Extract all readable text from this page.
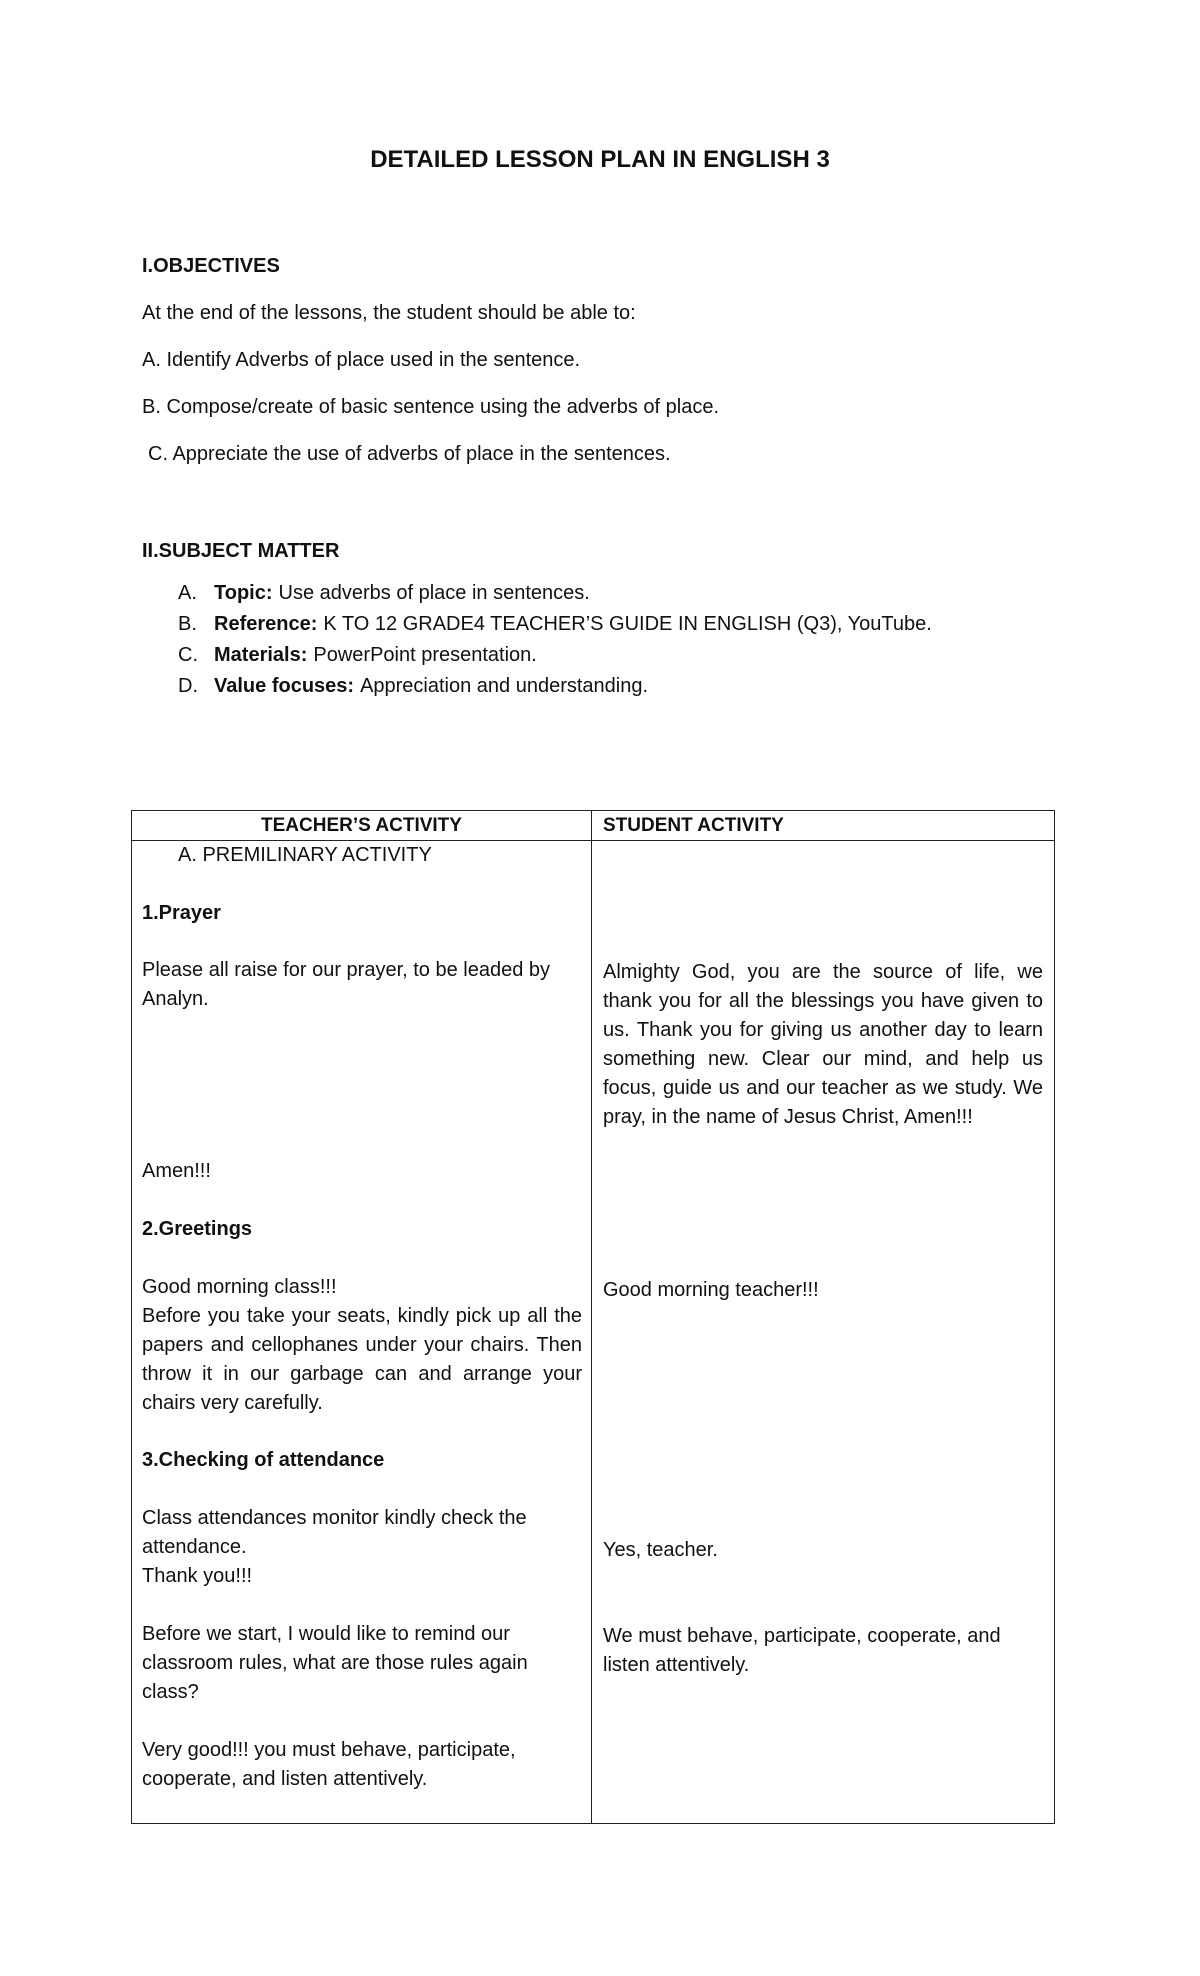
DETAILED LESSON PLAN IN ENGLISH 3
I.OBJECTIVES
At the end of the lessons, the student should be able to:
A. Identify Adverbs of place used in the sentence.
B. Compose/create of basic sentence using the adverbs of place.
C. Appreciate the use of adverbs of place in the sentences.
II.SUBJECT MATTER
A. Topic: Use adverbs of place in sentences.
B. Reference: K TO 12 GRADE4 TEACHER’S GUIDE IN ENGLISH (Q3), YouTube.
C. Materials: PowerPoint presentation.
D. Value focuses: Appreciation and understanding.
TEACHER’S ACTIVITY	STUDENT ACTIVITY
A. PREMILINARY ACTIVITY
1.Prayer
Please all raise for our prayer, to be leaded by Analyn.
Amen!!!
2.Greetings
Good morning class!!!
Before you take your seats, kindly pick up all the papers and cellophanes under your chairs. Then throw it in our garbage can and arrange your chairs very carefully.
3.Checking of attendance
Class attendances monitor kindly check the attendance.
Thank you!!!
Before we start, I would like to remind our classroom rules, what are those rules again class?
Very good!!! you must behave, participate, cooperate, and listen attentively.
Almighty God, you are the source of life, we thank you for all the blessings you have given to us. Thank you for giving us another day to learn something new. Clear our mind, and help us focus, guide us and our teacher as we study. We pray, in the name of Jesus Christ, Amen!!!
Good morning teacher!!!
Yes, teacher.
We must behave, participate, cooperate, and listen attentively.
